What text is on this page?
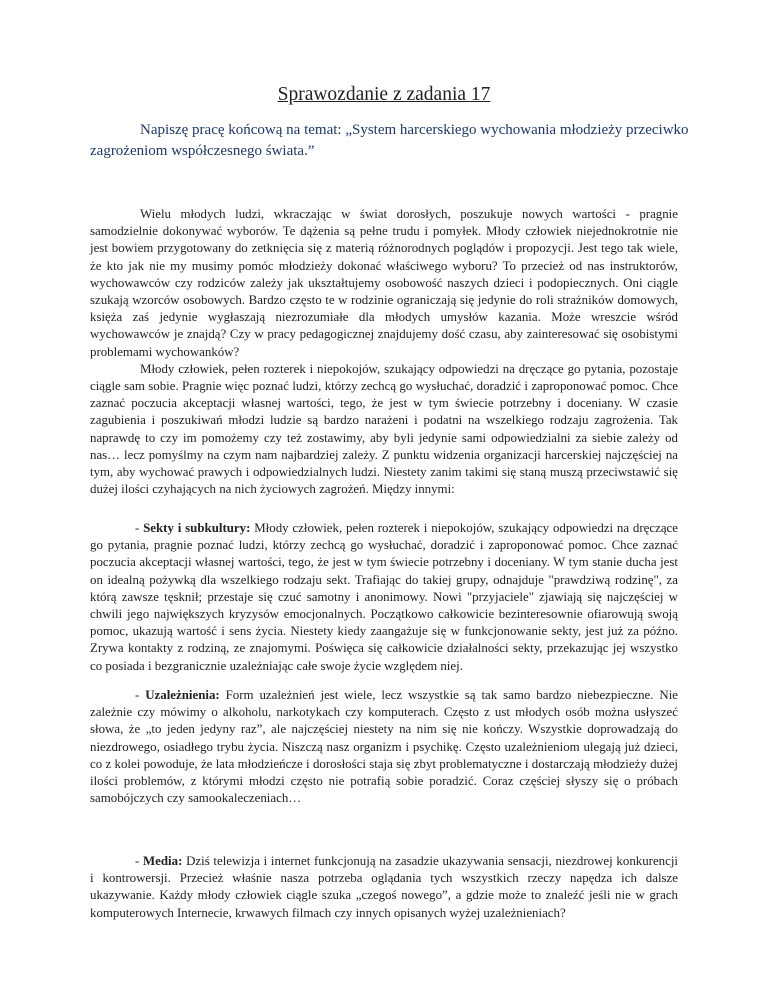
Sprawozdanie z zadania 17

Napiszę pracę końcową na temat: „System harcerskiego wychowania młodzieży przeciwko zagrożeniom współczesnego świata.”

Wielu młodych ludzi, wkraczając w świat dorosłych, poszukuje nowych wartości - pragnie samodzielnie dokonywać wyborów. Te dążenia są pełne trudu i pomyłek. Młody człowiek niejednokrotnie nie jest bowiem przygotowany do zetknięcia się z materią różnorodnych poglądów i propozycji. Jest tego tak wiele, że kto jak nie my musimy pomóc młodzieży dokonać właściwego wyboru? To przecież od nas instruktorów, wychowawców czy rodziców zależy jak ukształtujemy osobowość naszych dzieci i podopiecznych. Oni ciągle szukają wzorców osobowych. Bardzo często te w rodzinie ograniczają się jedynie do roli strażników domowych, księża zaś jedynie wygłaszają niezrozumiałe dla młodych umysłów kazania. Może wreszcie wśród wychowawców je znajdą? Czy w pracy pedagogicznej znajdujemy dość czasu, aby zainteresować się osobistymi problemami wychowanków?

Młody człowiek, pełen rozterek i niepokojów, szukający odpowiedzi na dręczące go pytania, pozostaje ciągle sam sobie. Pragnie więc poznać ludzi, którzy zechcą go wysłuchać, doradzić i zaproponować pomoc. Chce zaznać poczucia akceptacji własnej wartości, tego, że jest w tym świecie potrzebny i doceniany. W czasie zagubienia i poszukiwań młodzi ludzie są bardzo narażeni i podatni na wszelkiego rodzaju zagrożenia. Tak naprawdę to czy im pomożemy czy też zostawimy, aby byli jedynie sami odpowiedzialni za siebie zależy od nas… lecz pomyślmy na czym nam najbardziej zależy. Z punktu widzenia organizacji harcerskiej najczęściej na tym, aby wychować prawych i odpowiedzialnych ludzi. Niestety zanim takimi się staną muszą przeciwstawić się dużej ilości czyhających na nich życiowych zagrożeń. Między innymi:

- Sekty i subkultury: Młody człowiek, pełen rozterek i niepokojów, szukający odpowiedzi na dręczące go pytania, pragnie poznać ludzi, którzy zechcą go wysłuchać, doradzić i zaproponować pomoc. Chce zaznać poczucia akceptacji własnej wartości, tego, że jest w tym świecie potrzebny i doceniany. W tym stanie ducha jest on idealną pożywką dla wszelkiego rodzaju sekt. Trafiając do takiej grupy, odnajduje "prawdziwą rodzinę", za którą zawsze tęsknił; przestaje się czuć samotny i anonimowy. Nowi "przyjaciele" zjawiają się najczęściej w chwili jego największych kryzysów emocjonalnych. Początkowo całkowicie bezinteresownie ofiarowują swoją pomoc, ukazują wartość i sens życia. Niestety kiedy zaangażuje się w funkcjonowanie sekty, jest już za późno. Zrywa kontakty z rodziną, ze znajomymi. Poświęca się całkowicie działalności sekty, przekazując jej wszystko co posiada i bezgranicznie uzależniając całe swoje życie względem niej.

- Uzależnienia: Form uzależnień jest wiele, lecz wszystkie są tak samo bardzo niebezpieczne. Nie zależnie czy mówimy o alkoholu, narkotykach czy komputerach. Często z ust młodych osób można usłyszeć słowa, że „to jeden jedyny raz”, ale najczęściej niestety na nim się nie kończy. Wszystkie doprowadzają do niezdrowego, osiadłego trybu życia. Niszczą nasz organizm i psychikę. Często uzależnieniom ulegają już dzieci, co z kolei powoduje, że lata młodzieńcze i dorosłości staja się zbyt problematyczne i dostarczają młodzieży dużej ilości problemów, z którymi młodzi często nie potrafią sobie poradzić. Coraz częściej słyszy się o próbach samobójczych czy samookaleczeniach…

- Media: Dziś telewizja i internet funkcjonują na zasadzie ukazywania sensacji, niezdrowej konkurencji i kontrowersji. Przecież właśnie nasza potrzeba oglądania tych wszystkich rzeczy napędza ich dalsze ukazywanie. Każdy młody człowiek ciągle szuka „czegoś nowego”, a gdzie może to znaleźć jeśli nie w grach komputerowych Internecie, krwawych filmach czy innych opisanych wyżej uzależnieniach?
